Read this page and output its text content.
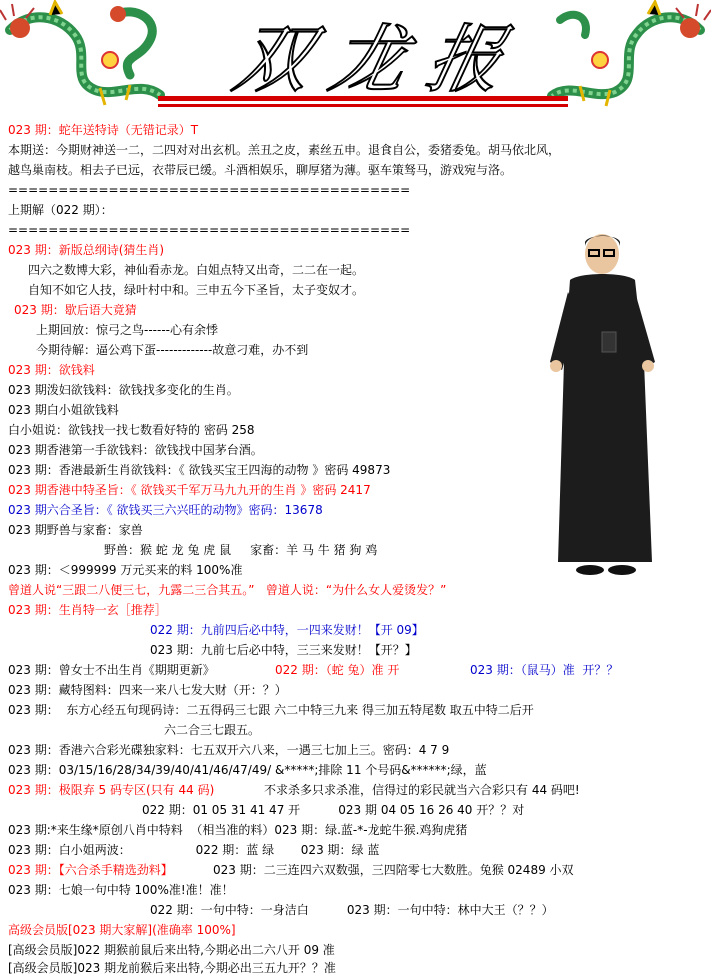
双龙报
023 期：蛇年送特诗（无错记录）T
本期送：今期财神送一二，二四对对出玄机。羔丑之皮，素丝五申。退食自公，委猪委兔。胡马依北风，
越鸟巢南枝。相去子已远，衣带辰已缓。斗酒相娱乐，聊厚猪为薄。驱车策驽马，游戏宛与洛。
========================================
上期解（022 期）：
========================================
023 期：新版总纲诗(猜生肖)
四六之数博大彩，神仙看赤龙。白姐点特又出奇，二二在一起。
自知不如它人技，绿叶村中和。三申五今下圣旨，太子变奴才。
023 期：歇后语大竟猜
上期回放：惊弓之鸟------心有余悸
今期待解：逼公鸡下蛋-------------故意刁难，办不到
023 期：欲钱料
023 期泼妇欲钱料：欲钱找多变化的生肖。
023 期白小姐欲钱料
白小姐说：欲钱找一找七数看好特的 密码 258
023 期香港第一手欲钱料：欲钱找中国茅台酒。
023 期：香港最新生肖欲钱料：《 欲钱买宝王四海的动物 》密码 49873
023 期香港中特圣旨：《 欲钱买千军万马九九开的生肖 》密码 2417
023 期六合圣旨：《 欲钱买三六兴旺的动物》密码：13678
023 期野兽与家畜：家兽
野兽：猴 蛇 龙 兔 虎 鼠     家畜：羊 马 牛 猪 狗 鸡
023 期：＜999999 万元买来的料 100%准
曾道人说“三跟二八便三七，九露二三合其五。”   曾道人说：“为什么女人爱烫发？”
023 期：生肖特一玄［推荐］
022 期：九前四后必中特，一四来发财！【开 09】
023 期：九前七后必中特，三三来发财！【开？】
023 期：曾女士不出生肖《期期更新》	022 期：（蛇 兔）准 开	023 期：（鼠马）准  开？？
023 期：藏特图料：四来一来八七发大财（开：？）
023 期：  东方心经五句现码诗：二五得码三七跟 六二中特三九来 得三加五特尾数 取五中特二后开
六二合三七跟五。
023 期：香港六合彩光碟独家料：七五双开六八来，一遇三七加上三。密码：4 7 9
023 期：03/15/16/28/34/39/40/41/46/47/49/ &*****;排除 11 个号码&******;绿，蓝
023 期：极限弃 5 码专区(只有 44 码)	不求杀多只求杀准，信得过的彩民就当六合彩只有 44 码吧!
022 期：01 05 31 41 47 开          023 期 04 05 16 26 40 开？？对
023 期:*来生缘*原创八肖中特料  （相当准的料）023 期：绿.蓝-*-龙蛇牛猴.鸡狗虎猪
023 期：白小姐两波：                 022 期：蓝 绿       023 期：绿 蓝
023 期：【六合杀手精选劲料】	023 期：二三连四六双数强，三四陪零七大数胜。兔猴 02489 小双
023 期：七娘一句中特 100%准!准！准！
022 期：一句中特：一身洁白          023 期：一句中特：林中大王（？？）
高级会员版[023 期大家解](准确率 100%]
[高级会员版]022 期猴前鼠后来出特,今期必出二六八开 09 准
[高级会员版]023 期龙前猴后来出特,今期必出三五九开？？准
